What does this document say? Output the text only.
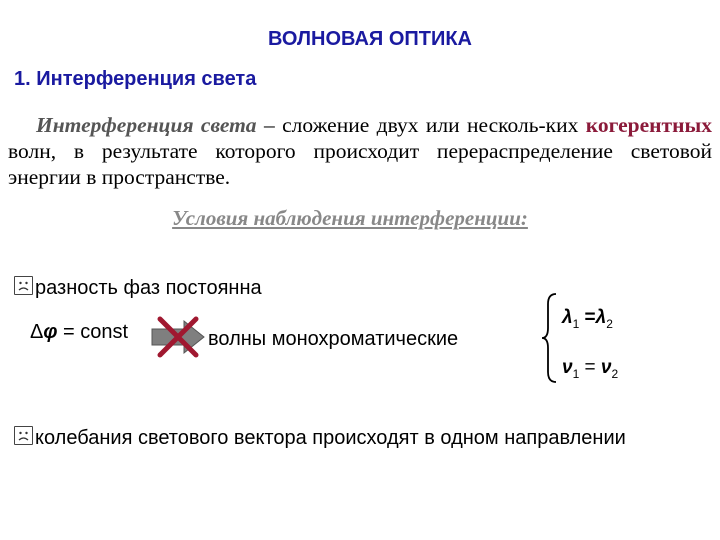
ВОЛНОВАЯ ОПТИКА
1. Интерференция света
Интерференция света – сложение двух или несколь-ких когерентных волн, в результате которого происходит перераспределение световой энергии в пространстве.
Условия наблюдения интерференции:
разность фаз постоянна
Δφ = const	волны монохроматические
$\lambda_1 =\lambda_2$
$\nu_1 = \nu_2$
колебания светового вектора происходят в одном направлении
